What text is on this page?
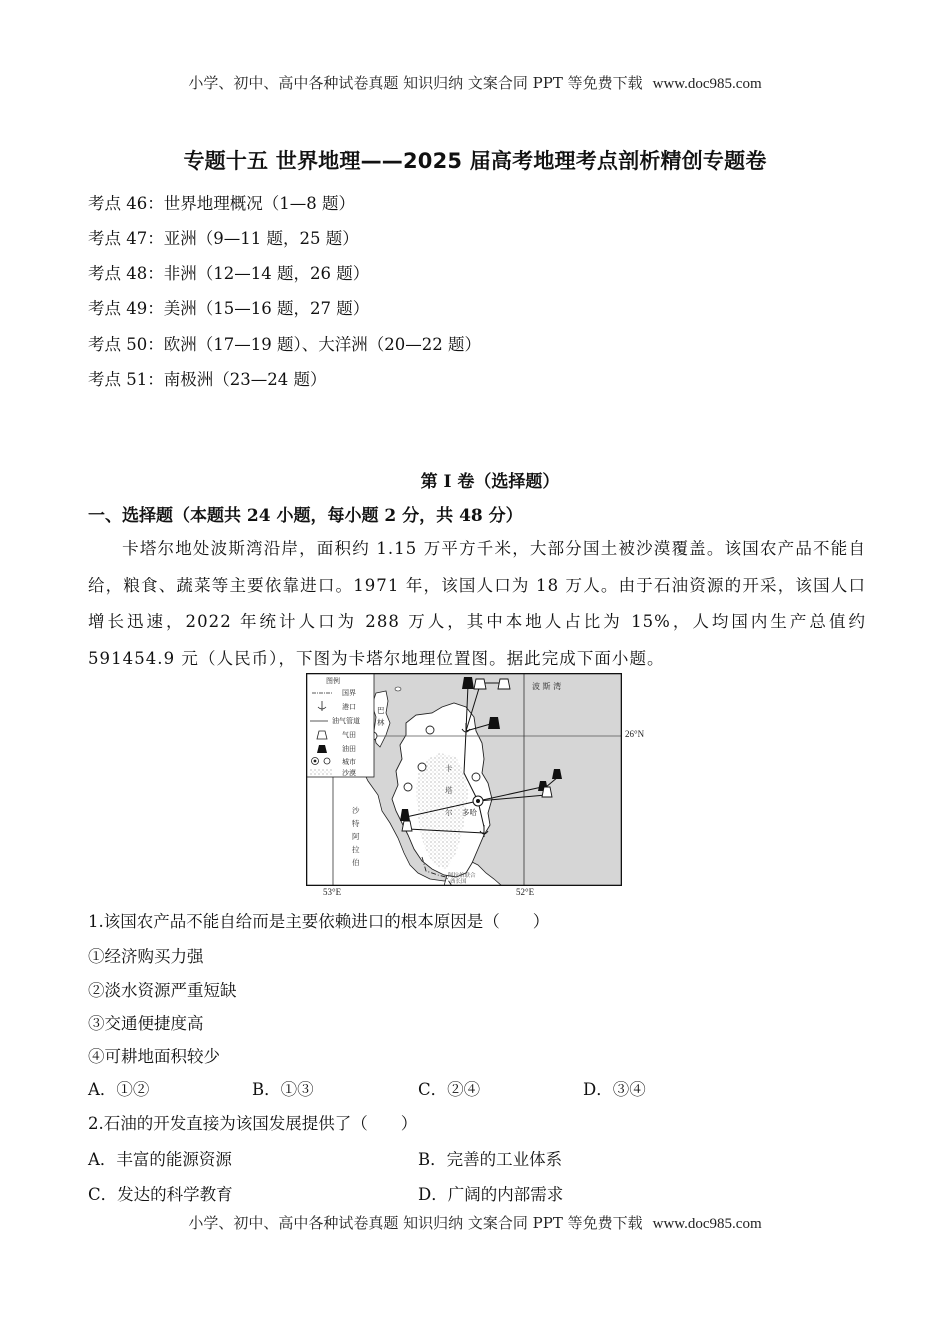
小学、初中、高中各种试卷真题 知识归纳 文案合同 PPT 等免费下载 www.doc985.com
专题十五 世界地理——2025 届高考地理考点剖析精创专题卷
考点 46：世界地理概况（1—8 题）
考点 47：亚洲（9—11 题，25 题）
考点 48：非洲（12—14 题，26 题）
考点 49：美洲（15—16 题，27 题）
考点 50：欧洲（17—19 题）、大洋洲（20—22 题）
考点 51：南极洲（23—24 题）
第 I 卷（选择题）
一、选择题（本题共 24 小题，每小题 2 分，共 48 分）
卡塔尔地处波斯湾沿岸，面积约 1.15 万平方千米，大部分国土被沙漠覆盖。该国农产品不能自给，粮食、蔬菜等主要依靠进口。1971 年，该国人口为 18 万人。由于石油资源的开采，该国人口增长迅速，2022 年统计人口为 288 万人，其中本地人占比为 15%，人均国内生产总值约 591454.9 元（人民币），下图为卡塔尔地理位置图。据此完成下面小题。
图例
国界
港口
油气管道
气田
油田
城市
沙漠
波 斯 湾
巴
林
卡
塔
尔 多哈
沙
特
阿
拉
伯
阿拉伯联合
酋长国
26°N
53°E	52°E
1.该国农产品不能自给而是主要依赖进口的根本原因是（　　）
①经济购买力强
②淡水资源严重短缺
③交通便捷度高
④可耕地面积较少
A．①②	B．①③	C．②④	D．③④
2.石油的开发直接为该国发展提供了（　　）
A．丰富的能源资源	B．完善的工业体系
C．发达的科学教育	D．广阔的内部需求
小学、初中、高中各种试卷真题 知识归纳 文案合同 PPT 等免费下载 www.doc985.com
